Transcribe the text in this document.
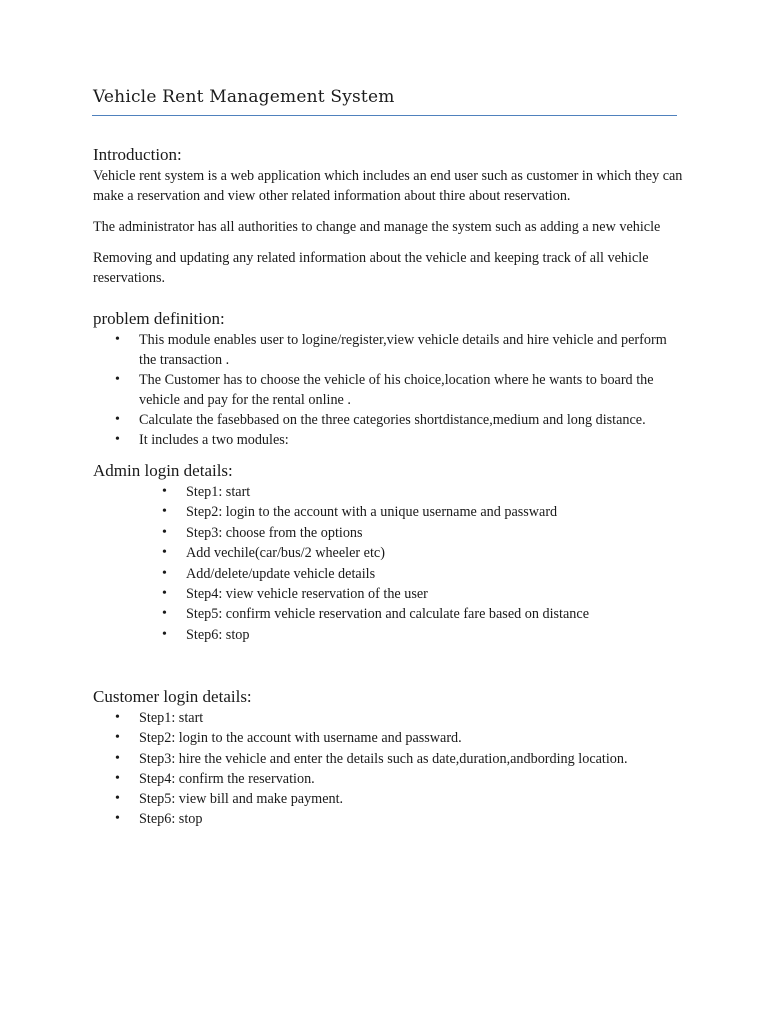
Vehicle Rent Management System
Introduction:

Vehicle rent system is a web application which includes an end user such as customer in which they can make a reservation and view other related information about thire about reservation.

The administrator has all authorities to change and manage the system such as adding a new vehicle

Removing and updating any related information about the vehicle and keeping track of all vehicle reservations.

problem definition:
• This module enables user to logine/register,view vehicle details and hire vehicle and perform the transaction .
• The Customer has to choose the vehicle of his choice,location where he wants to board the vehicle and pay for the rental online .
• Calculate the fasebbased on the three categories shortdistance,medium and long distance.
• It includes a two modules:
Admin login details:
• Step1: start
• Step2: login to the account with a unique username and passward
• Step3: choose from the options
• Add vechile(car/bus/2 wheeler etc)
• Add/delete/update vehicle details
• Step4: view vehicle reservation of the user
• Step5: confirm vehicle reservation and calculate fare based on distance
• Step6: stop
Customer login details:
• Step1: start
• Step2: login to the account with username and passward.
• Step3: hire the vehicle and enter the details such as date,duration,andbording location.
• Step4: confirm the reservation.
• Step5: view bill and make payment.
• Step6: stop
